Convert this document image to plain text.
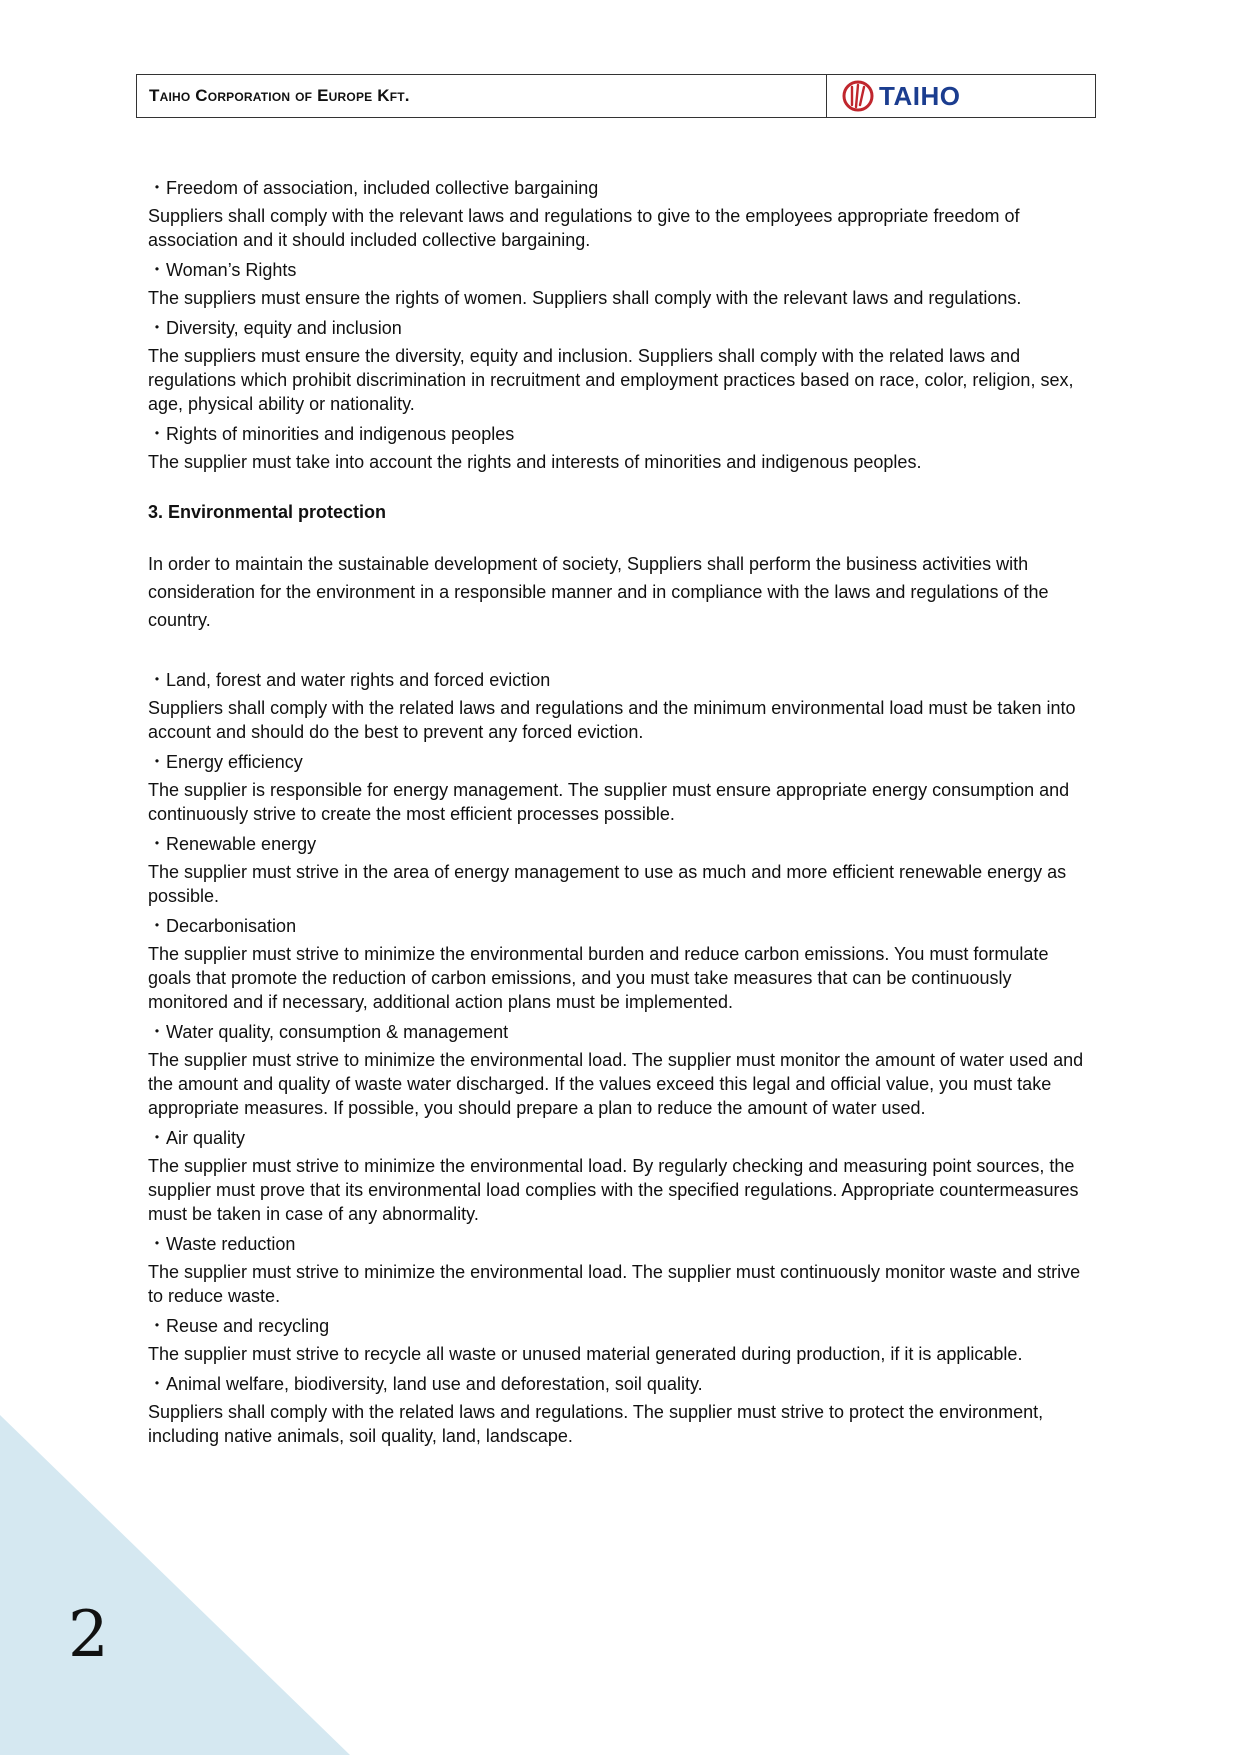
Taiho Corporation of Europe Kft.	TAIHO
・Freedom of association, included collective bargaining
Suppliers shall comply with the relevant laws and regulations to give to the employees appropriate freedom of association and it should included collective bargaining.
・Woman’s Rights
The suppliers must ensure the rights of women. Suppliers shall comply with the relevant laws and regulations.
・Diversity, equity and inclusion
The suppliers must ensure the diversity, equity and inclusion. Suppliers shall comply with the related laws and regulations which prohibit discrimination in recruitment and employment practices based on race, color, religion, sex, age, physical ability or nationality.
・Rights of minorities and indigenous peoples
The supplier must take into account the rights and interests of minorities and indigenous peoples.
3. Environmental protection
In order to maintain the sustainable development of society, Suppliers shall perform the business activities with consideration for the environment in a responsible manner and in compliance with the laws and regulations of the country.
・Land, forest and water rights and forced eviction
Suppliers shall comply with the related laws and regulations and the minimum environmental load must be taken into account and should do the best to prevent any forced eviction.
・Energy efficiency
The supplier is responsible for energy management. The supplier must ensure appropriate energy consumption and continuously strive to create the most efficient processes possible.
・Renewable energy
The supplier must strive in the area of energy management to use as much and more efficient renewable energy as possible.
・Decarbonisation
The supplier must strive to minimize the environmental burden and reduce carbon emissions. You must formulate goals that promote the reduction of carbon emissions, and you must take measures that can be continuously monitored and if necessary, additional action plans must be implemented.
・Water quality, consumption & management
The supplier must strive to minimize the environmental load. The supplier must monitor the amount of water used and the amount and quality of waste water discharged. If the values exceed this legal and official value, you must take appropriate measures. If possible, you should prepare a plan to reduce the amount of water used.
・Air quality
The supplier must strive to minimize the environmental load. By regularly checking and measuring point sources, the supplier must prove that its environmental load complies with the specified regulations. Appropriate countermeasures must be taken in case of any abnormality.
・Waste reduction
The supplier must strive to minimize the environmental load. The supplier must continuously monitor waste and strive to reduce waste.
・Reuse and recycling
The supplier must strive to recycle all waste or unused material generated during production, if it is applicable.
・Animal welfare, biodiversity, land use and deforestation, soil quality.
Suppliers shall comply with the related laws and regulations. The supplier must strive to protect the environment, including native animals, soil quality, land, landscape.
2
